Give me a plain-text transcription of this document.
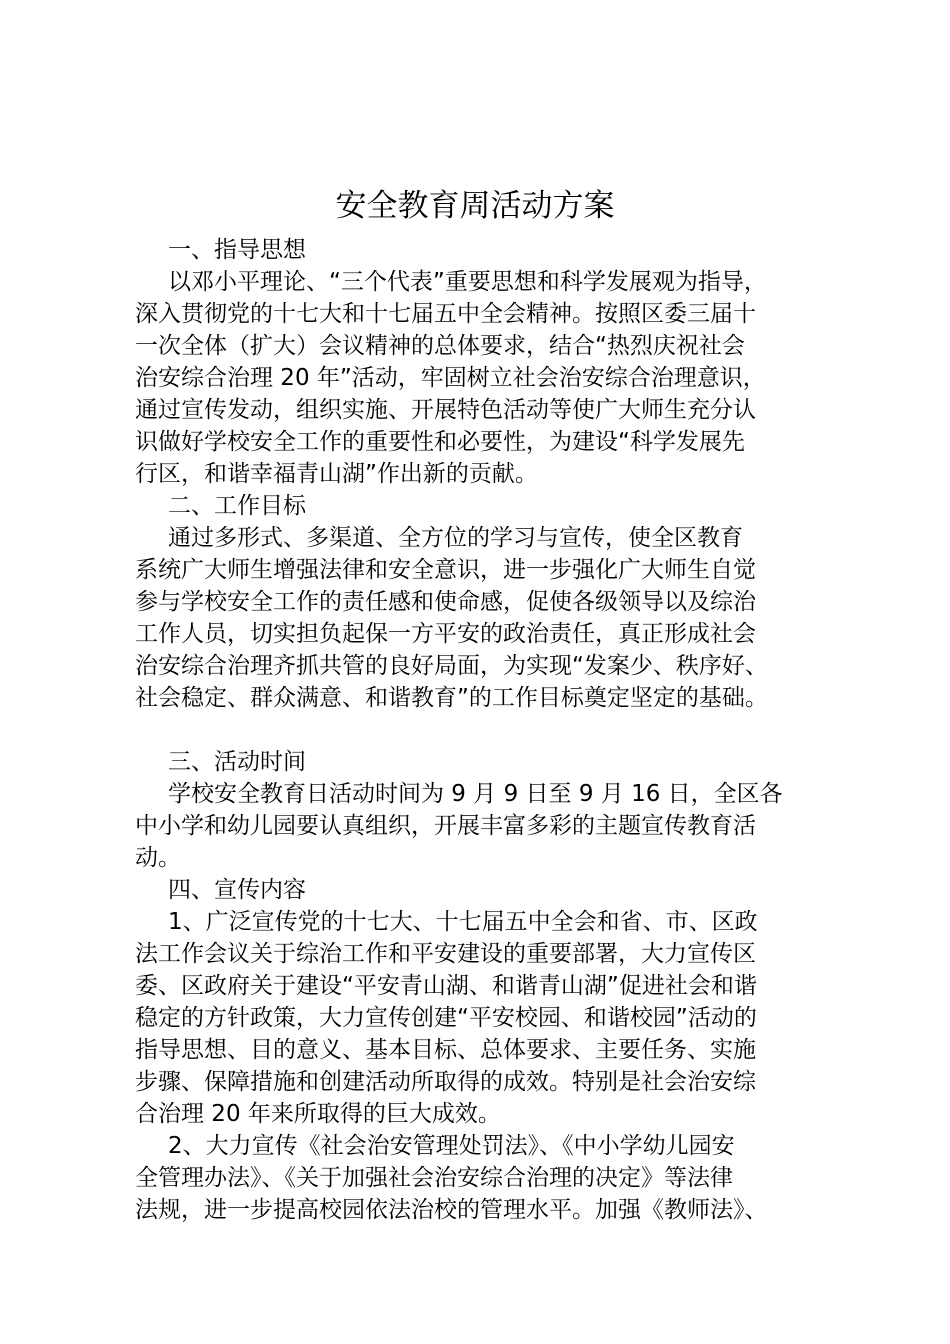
安全教育周活动方案
一、指导思想
以邓小平理论、“三个代表”重要思想和科学发展观为指导，
深入贯彻党的十七大和十七届五中全会精神。按照区委三届十
一次全体（扩大）会议精神的总体要求，结合“热烈庆祝社会
治安综合治理 20 年”活动，牢固树立社会治安综合治理意识，
通过宣传发动，组织实施、开展特色活动等使广大师生充分认
识做好学校安全工作的重要性和必要性，为建设“科学发展先
行区，和谐幸福青山湖”作出新的贡献。
二、工作目标
通过多形式、多渠道、全方位的学习与宣传，使全区教育
系统广大师生增强法律和安全意识，进一步强化广大师生自觉
参与学校安全工作的责任感和使命感，促使各级领导以及综治
工作人员，切实担负起保一方平安的政治责任，真正形成社会
治安综合治理齐抓共管的良好局面，为实现“发案少、秩序好、
社会稳定、群众满意、和谐教育”的工作目标奠定坚定的基础。
三、活动时间
学校安全教育日活动时间为 9 月 9 日至 9 月 16 日，全区各
中小学和幼儿园要认真组织，开展丰富多彩的主题宣传教育活
动。
四、宣传内容
1、广泛宣传党的十七大、十七届五中全会和省、市、区政
法工作会议关于综治工作和平安建设的重要部署，大力宣传区
委、区政府关于建设“平安青山湖、和谐青山湖”促进社会和谐
稳定的方针政策，大力宣传创建“平安校园、和谐校园”活动的
指导思想、目的意义、基本目标、总体要求、主要任务、实施
步骤、保障措施和创建活动所取得的成效。特别是社会治安综
合治理 20 年来所取得的巨大成效。
2、大力宣传《社会治安管理处罚法》、《中小学幼儿园安
全管理办法》、《关于加强社会治安综合治理的决定》等法律
法规，进一步提高校园依法治校的管理水平。加强《教师法》、
